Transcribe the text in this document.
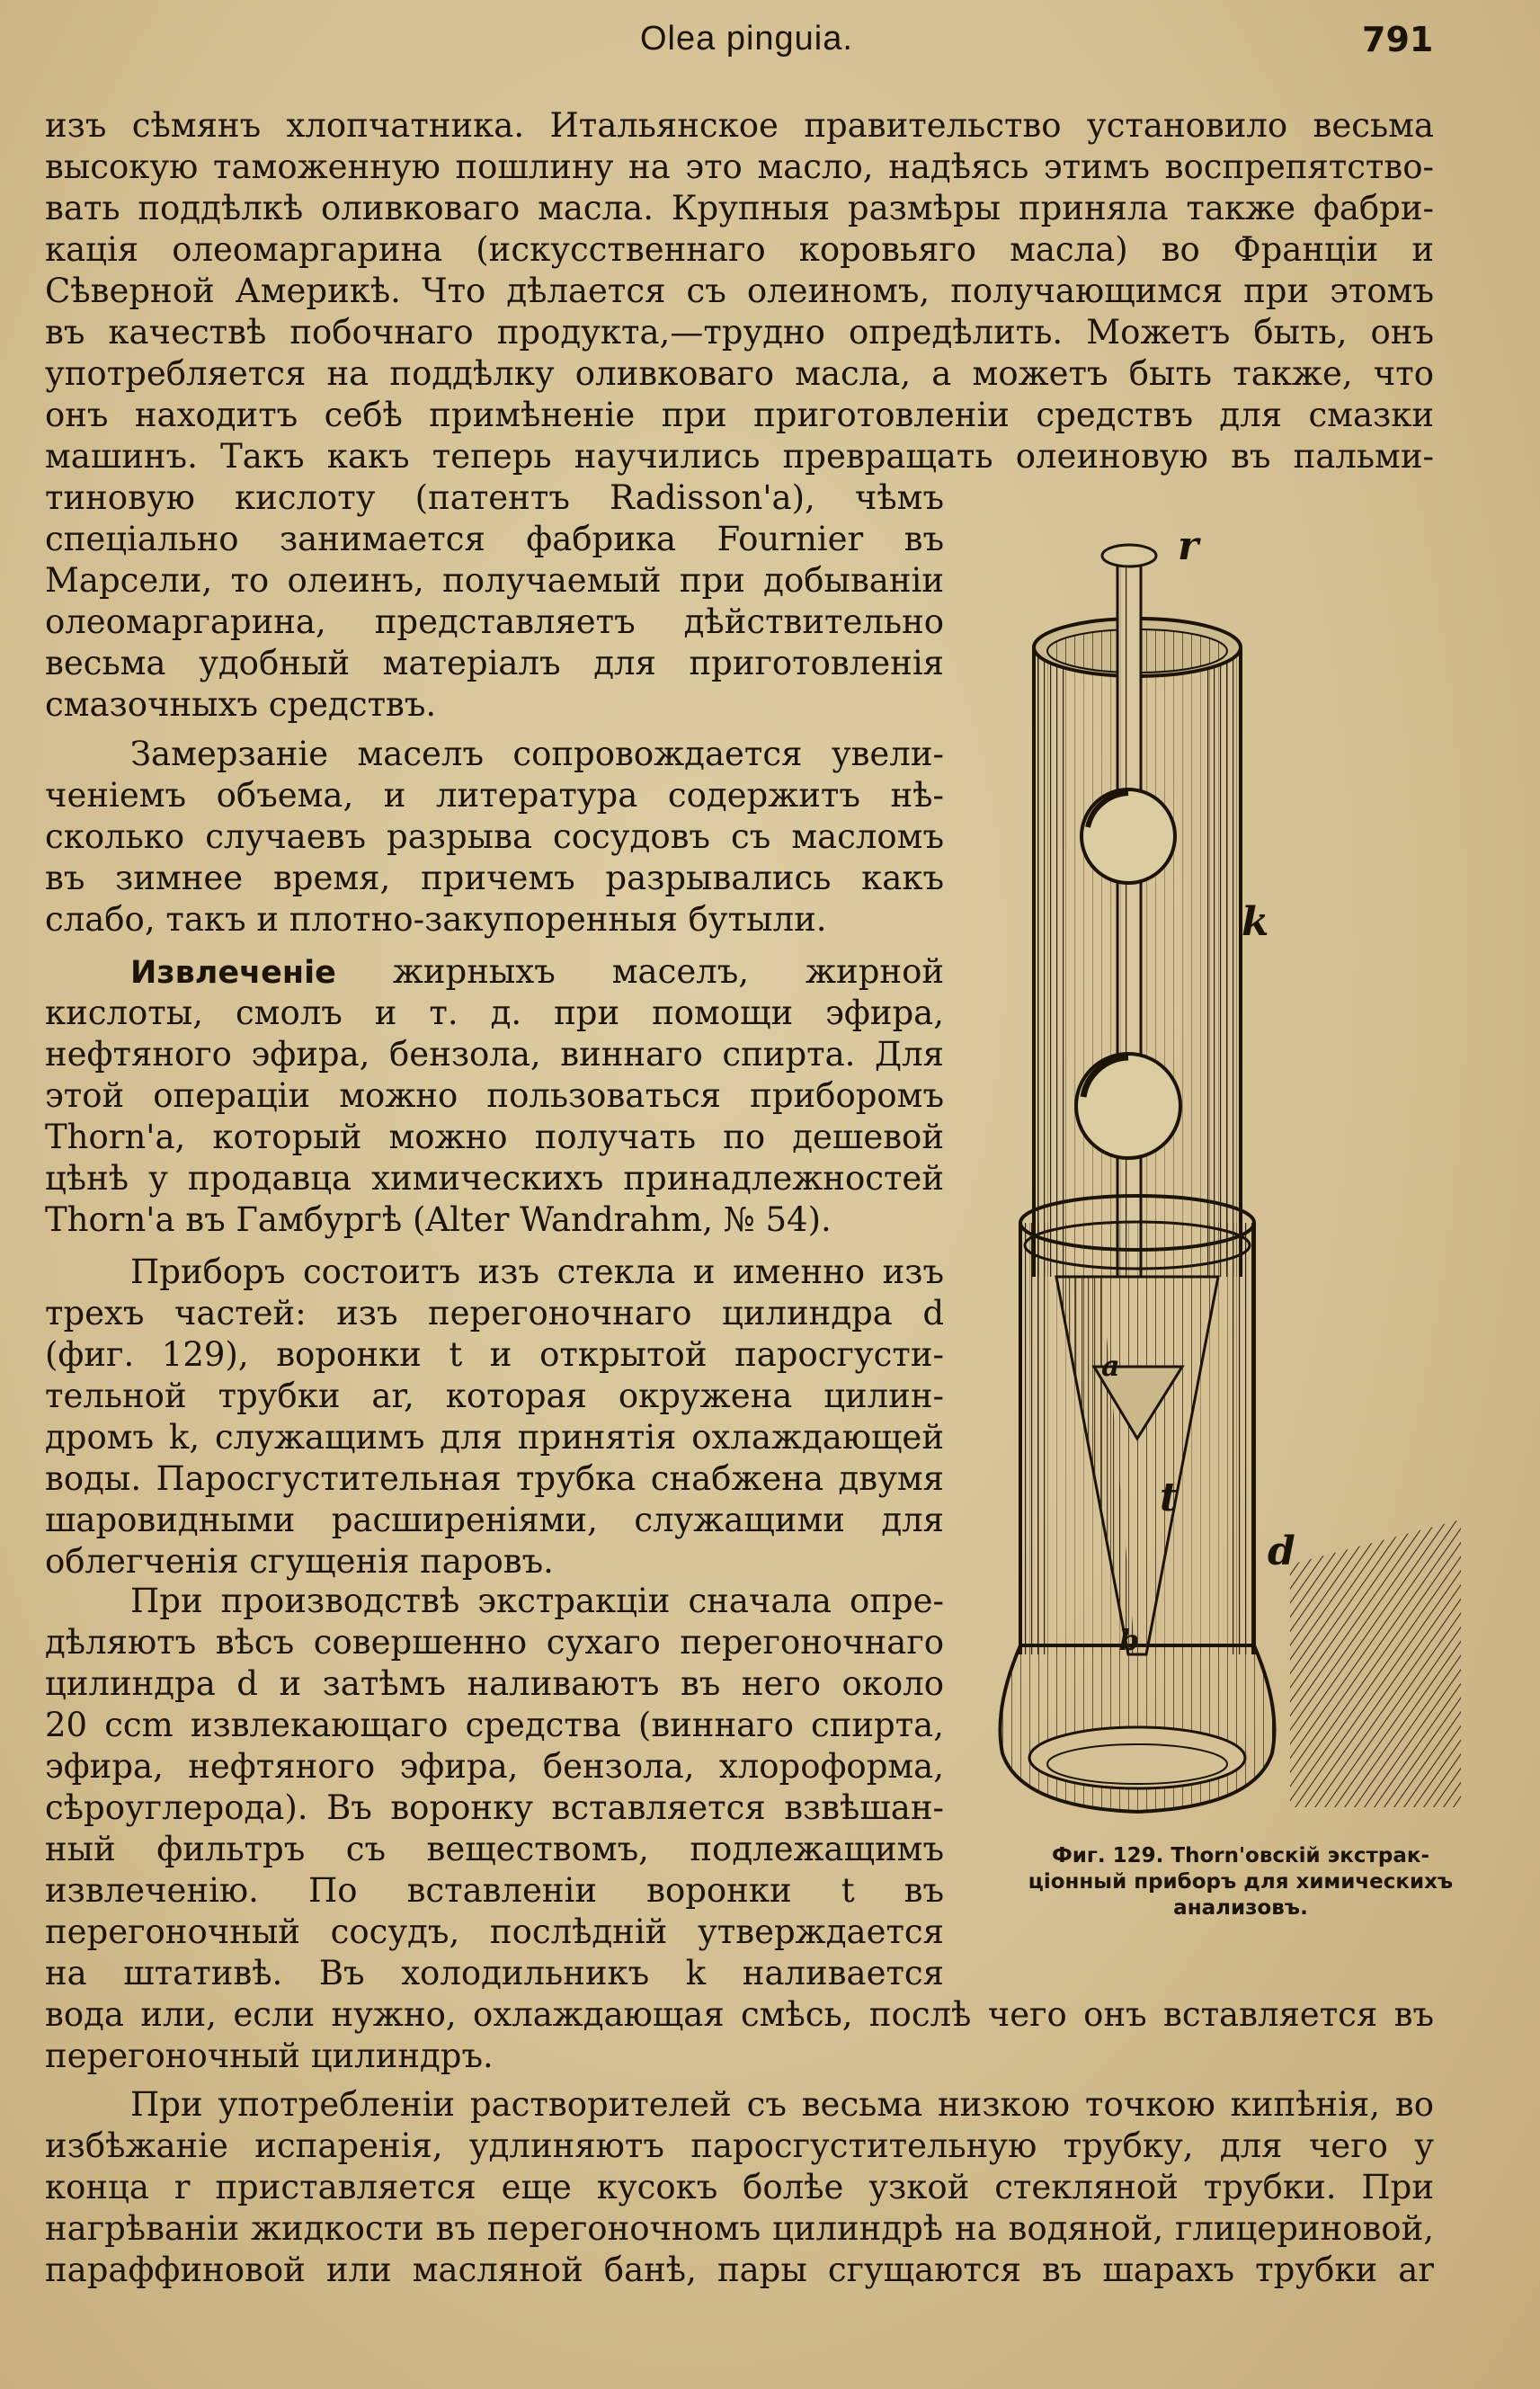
Olea pinguia.	791
изъ сѣмянъ хлопчатника. Итальянское правительство установило весьма
высокую таможенную пошлину на это масло, надѣясь этимъ воспрепятство-
вать поддѣлкѣ оливковаго масла. Крупныя размѣры приняла также фабри-
кація олеомаргарина (искусственнаго коровьяго масла) во Франціи и
Сѣверной Америкѣ. Что дѣлается съ олеиномъ, получающимся при этомъ
въ качествѣ побочнаго продукта,—трудно опредѣлить. Можетъ быть, онъ
употребляется на поддѣлку оливковаго масла, а можетъ быть также, что
онъ находитъ себѣ примѣненіе при приготовленіи средствъ для смазки
машинъ. Такъ какъ теперь научились превращать олеиновую въ пальми-
тиновую кислоту (патентъ Radisson'a), чѣмъ
спеціально занимается фабрика Fournier въ
Марсели, то олеинъ, получаемый при добываніи
олеомаргарина, представляетъ дѣйствительно
весьма удобный матеріалъ для приготовленія
смазочныхъ средствъ.
Замерзаніе маселъ сопровождается увели-
ченіемъ объема, и литература содержитъ нѣ-
сколько случаевъ разрыва сосудовъ съ масломъ
въ зимнее время, причемъ разрывались какъ
слабо, такъ и плотно-закупоренныя бутыли.
Извлеченіе жирныхъ маселъ, жирной
кислоты, смолъ и т. д. при помощи эфира,
нефтяного эфира, бензола, виннаго спирта. Для
этой операціи можно пользоваться приборомъ
Thorn'a, который можно получать по дешевой
цѣнѣ у продавца химическихъ принадлежностей
Thorn'a въ Гамбургѣ (Alter Wandrahm, № 54).
Приборъ состоитъ изъ стекла и именно изъ
трехъ частей: изъ перегоночнаго цилиндра d
(фиг. 129), воронки t и открытой паросгусти-
тельной трубки ar, которая окружена цилин-
дромъ k, служащимъ для принятія охлаждающей
воды. Паросгустительная трубка снабжена двумя
шаровидными расширеніями, служащими для
облегченія сгущенія паровъ.
При производствѣ экстракціи сначала опре-
дѣляютъ вѣсъ совершенно сухаго перегоночнаго
цилиндра d и затѣмъ наливаютъ въ него около
20 ccm извлекающаго средства (виннаго спирта,
эфира, нефтяного эфира, бензола, хлороформа,
сѣроуглерода). Въ воронку вставляется взвѣшан-
ный фильтръ съ веществомъ, подлежащимъ
извлеченію. По вставленіи воронки t въ
перегоночный сосудъ, послѣдній утверждается
на штативѣ. Въ холодильникъ k наливается
вода или, если нужно, охлаждающая смѣсь, послѣ чего онъ вставляется въ
перегоночный цилиндръ.
При употребленіи растворителей съ весьма низкою точкою кипѣнія, во
избѣжаніе испаренія, удлиняютъ паросгустительную трубку, для чего у
конца r приставляется еще кусокъ болѣе узкой стекляной трубки. При
нагрѣваніи жидкости въ перегоночномъ цилиндрѣ на водяной, глицериновой,
параффиновой или масляной банѣ, пары сгущаются въ шарахъ трубки ar
r
k
a
t
d
b
Фиг. 129. Thorn'овскій экстрак-
ціонный приборъ для химическихъ
анализовъ.
